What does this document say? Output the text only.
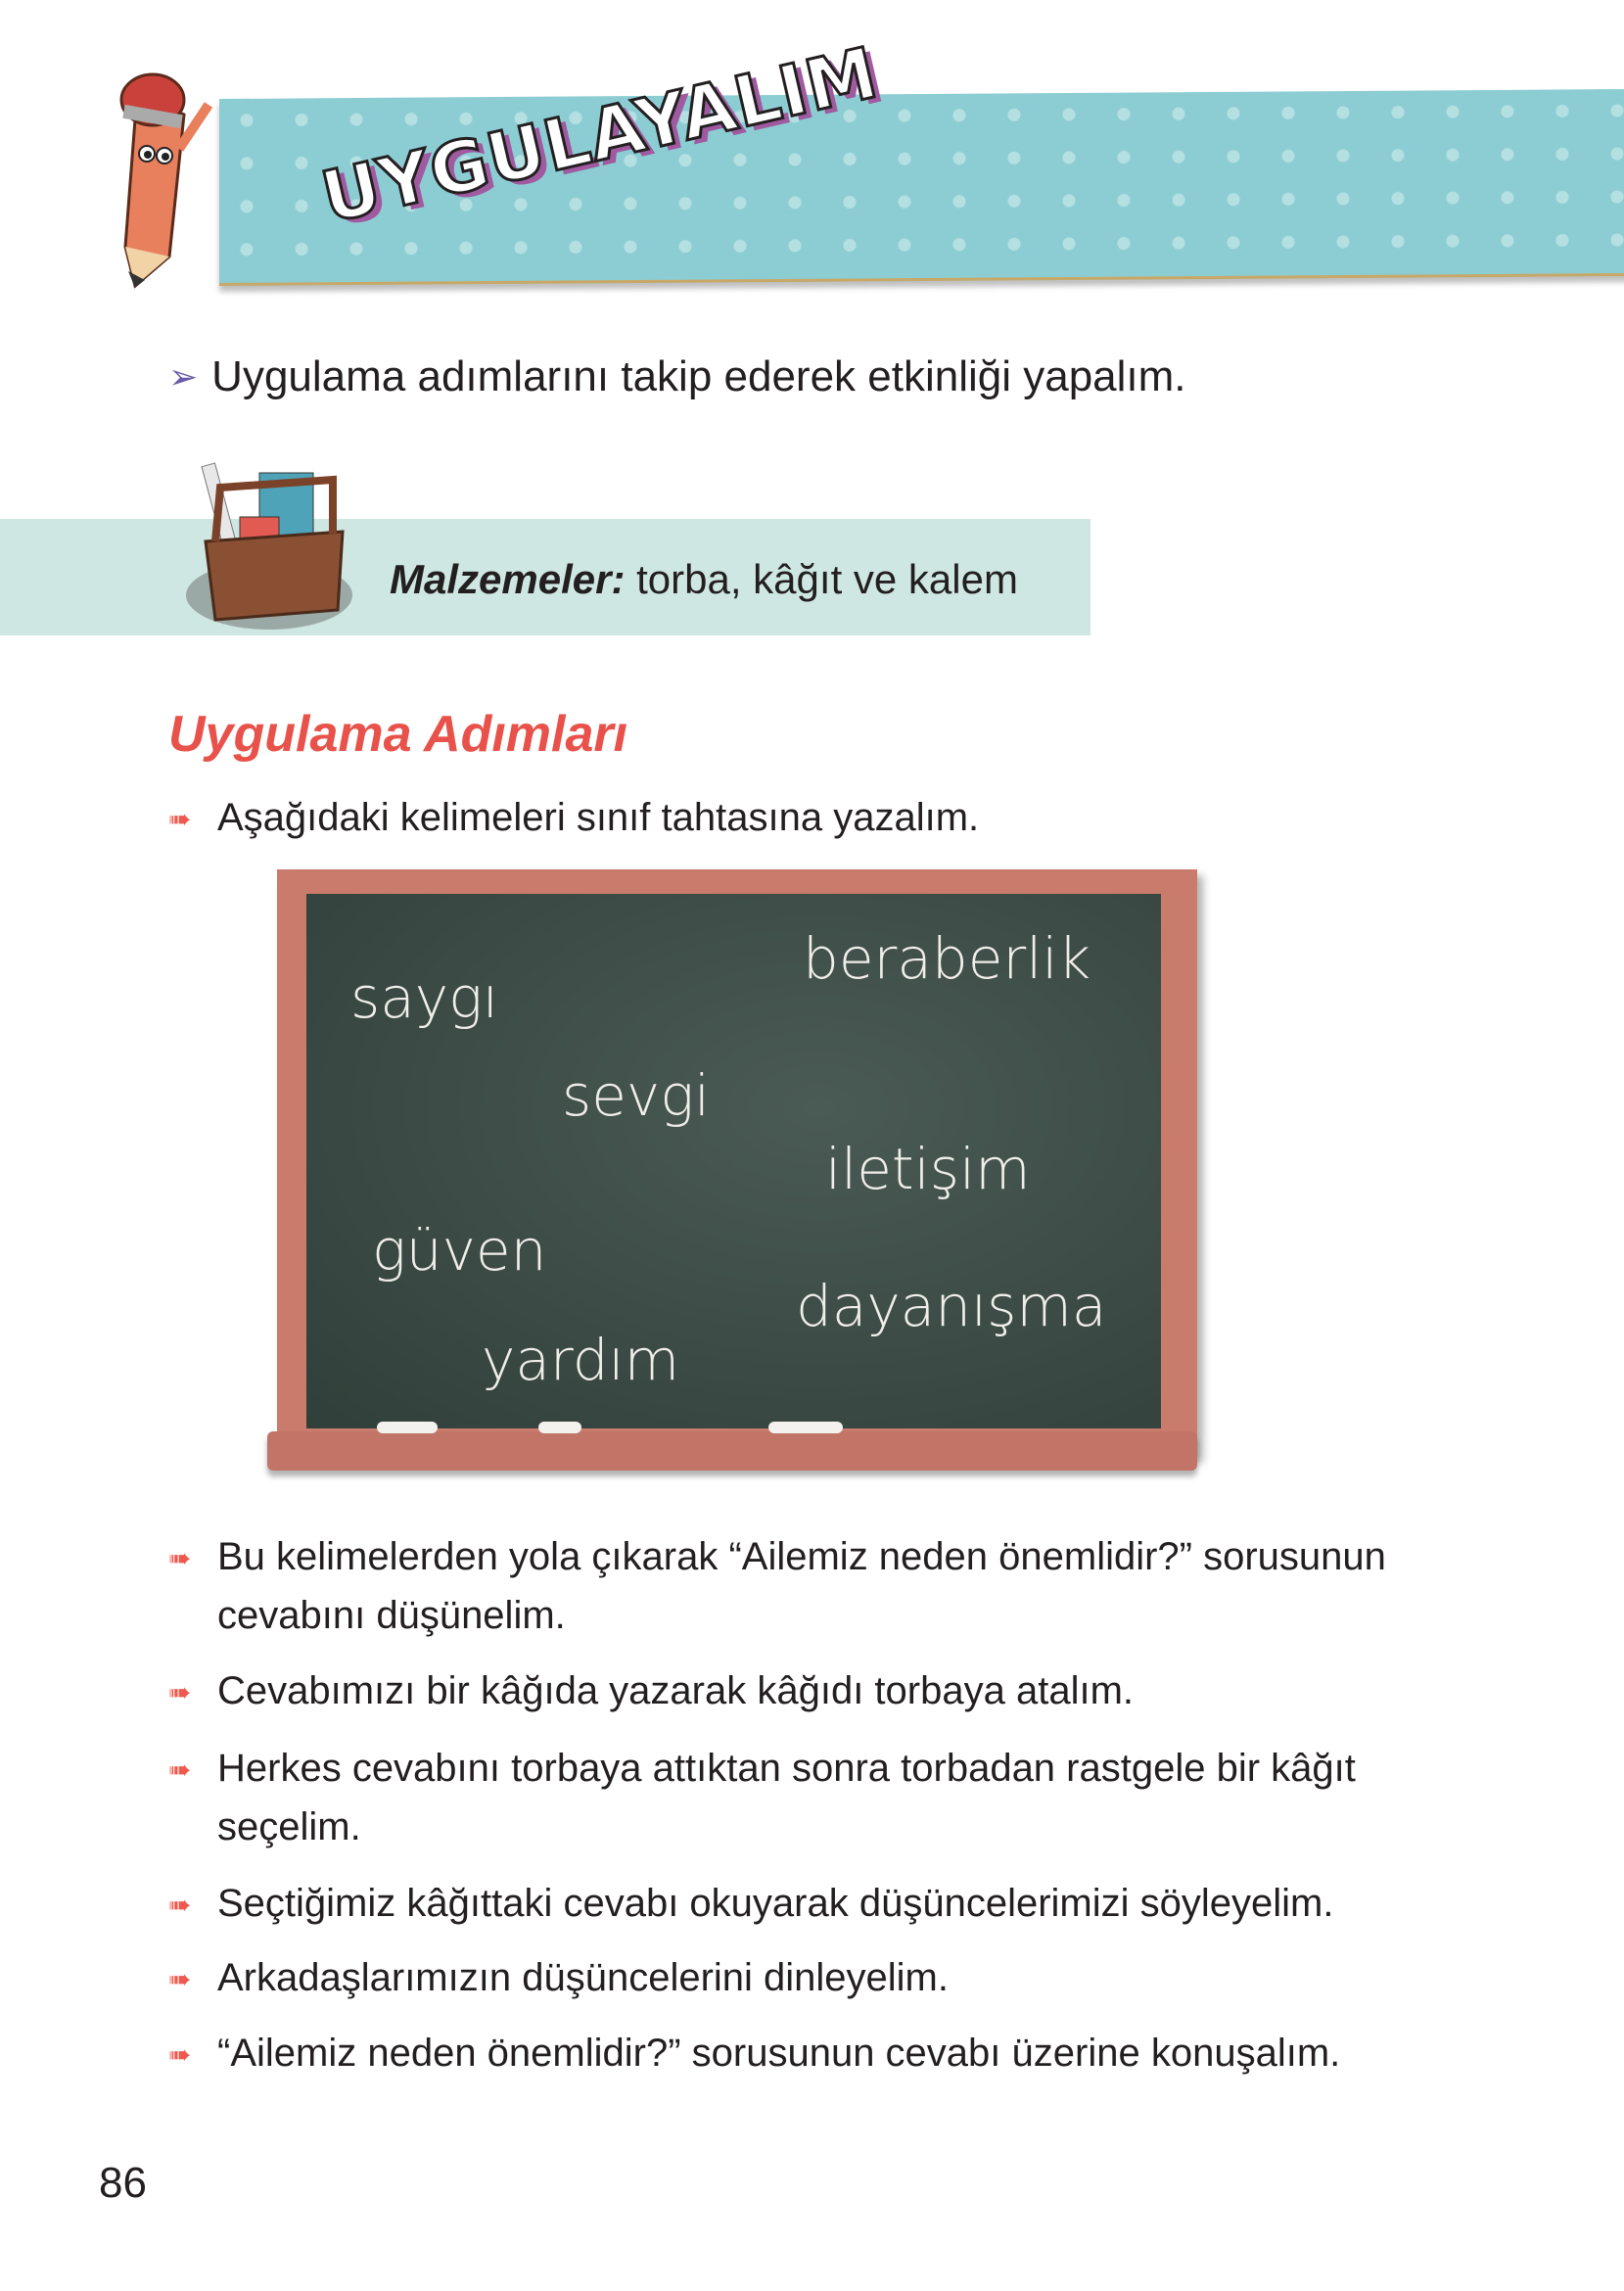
UYGULAYALIM
➢ Uygulama adımlarını takip ederek etkinliği yapalım.
Malzemeler: torba, kâğıt ve kalem
Uygulama Adımları
➠ Aşağıdaki kelimeleri sınıf tahtasına yazalım.
saygı
beraberlik
sevgi
iletişim
güven
dayanışma
yardım
➠ Bu kelimelerden yola çıkarak “Ailemiz neden önemlidir?” sorusunun cevabını düşünelim.
➠ Cevabımızı bir kâğıda yazarak kâğıdı torbaya atalım.
➠ Herkes cevabını torbaya attıktan sonra torbadan rastgele bir kâğıt seçelim.
➠ Seçtiğimiz kâğıttaki cevabı okuyarak düşüncelerimizi söyleyelim.
➠ Arkadaşlarımızın düşüncelerini dinleyelim.
➠ “Ailemiz neden önemlidir?” sorusunun cevabı üzerine konuşalım.
86
